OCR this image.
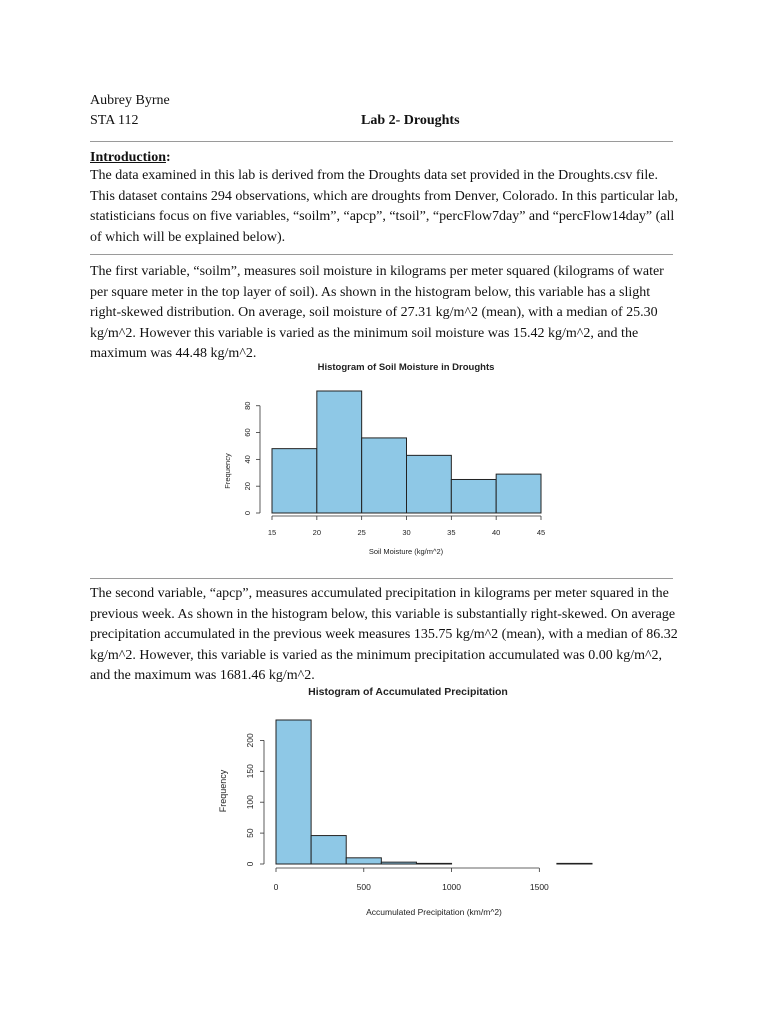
Aubrey Byrne
STA 112	Lab 2- Droughts
Introduction:

The data examined in this lab is derived from the Droughts data set provided in the Droughts.csv file. This dataset contains 294 observations, which are droughts from Denver, Colorado. In this particular lab, statisticians focus on five variables, “soilm”, “apcp”, “tsoil”, “percFlow7day” and “percFlow14day” (all of which will be explained below).

The first variable, “soilm”, measures soil moisture in kilograms per meter squared (kilograms of water per square meter in the top layer of soil). As shown in the histogram below, this variable has a slight right-skewed distribution. On average, soil moisture of 27.31 kg/m^2 (mean), with a median of 25.30 kg/m^2. However this variable is varied as the minimum soil moisture was 15.42 kg/m^2, and the maximum was 44.48 kg/m^2.

Histogram of Soil Moisture in Droughts
15	20	25	30	35	40	45
0
20
40
60
80
Frequency
Soil Moisture (kg/m^2)

The second variable, “apcp”, measures accumulated precipitation in kilograms per meter squared in the previous week. As shown in the histogram below, this variable is substantially right-skewed. On average precipitation accumulated in the previous week measures 135.75 kg/m^2 (mean), with a median of 86.32 kg/m^2. However, this variable is varied as the minimum precipitation accumulated was 0.00 kg/m^2, and the maximum was 1681.46 kg/m^2.

Histogram of Accumulated Precipitation
0	500	1000	1500
0
50
100
150
200
Frequency
Accumulated Precipitation (km/m^2)
